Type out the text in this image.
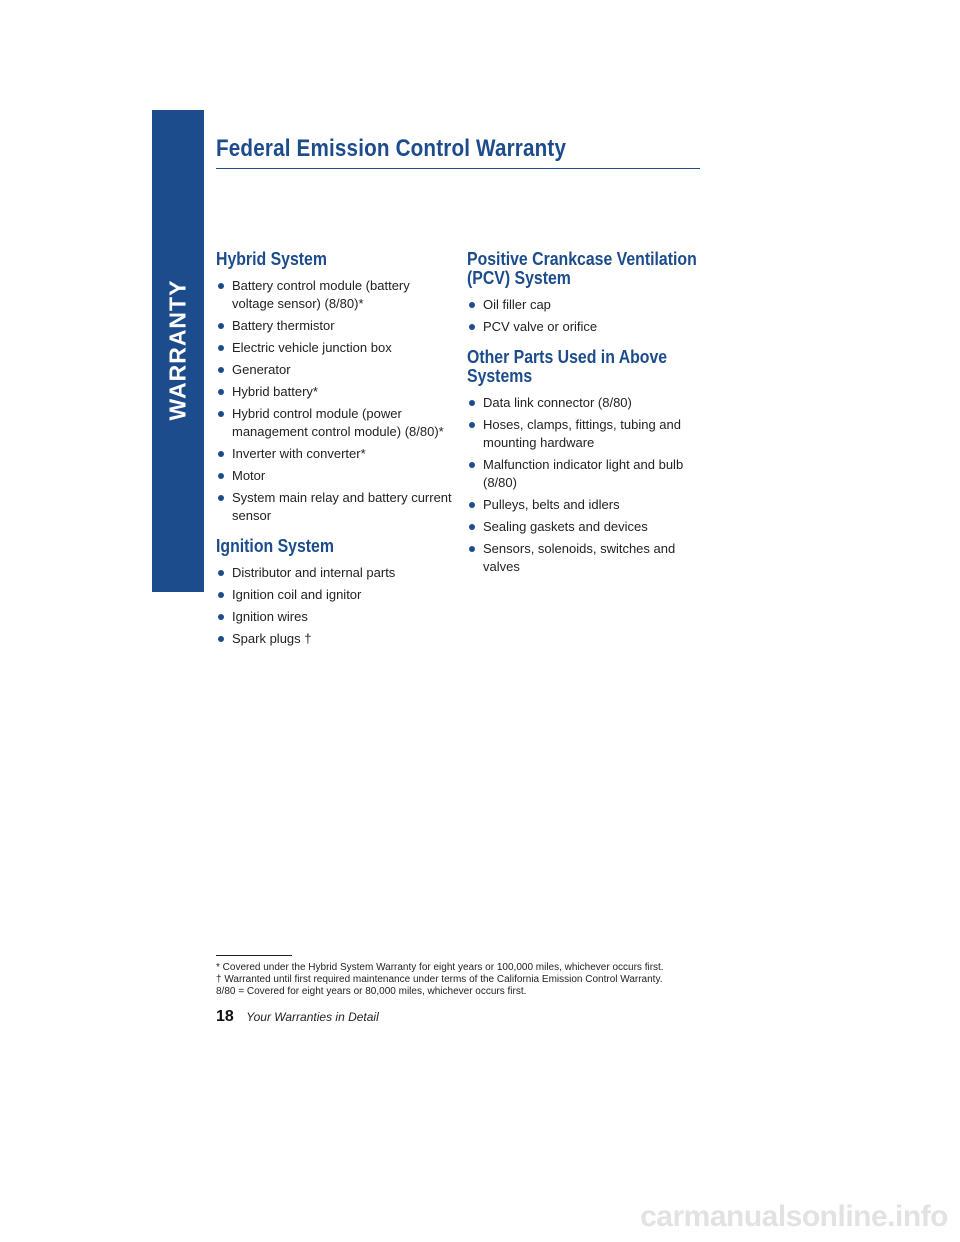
WARRANTY
Federal Emission Control Warranty
Hybrid System
Battery control module (battery voltage sensor) (8/80)*
Battery thermistor
Electric vehicle junction box
Generator
Hybrid battery*
Hybrid control module (power management control module) (8/80)*
Inverter with converter*
Motor
System main relay and battery current sensor
Ignition System
Distributor and internal parts
Ignition coil and ignitor
Ignition wires
Spark plugs †
Positive Crankcase Ventilation
(PCV) System
Oil filler cap
PCV valve or orifice
Other Parts Used in Above
Systems
Data link connector (8/80)
Hoses, clamps, fittings, tubing and mounting hardware
Malfunction indicator light and bulb (8/80)
Pulleys, belts and idlers
Sealing gaskets and devices
Sensors, solenoids, switches and valves
* Covered under the Hybrid System Warranty for eight years or 100,000 miles, whichever occurs first.
† Warranted until first required maintenance under terms of the California Emission Control Warranty.
8/80 = Covered for eight years or 80,000 miles, whichever occurs first.
18 Your Warranties in Detail
carmanualsonline.info
